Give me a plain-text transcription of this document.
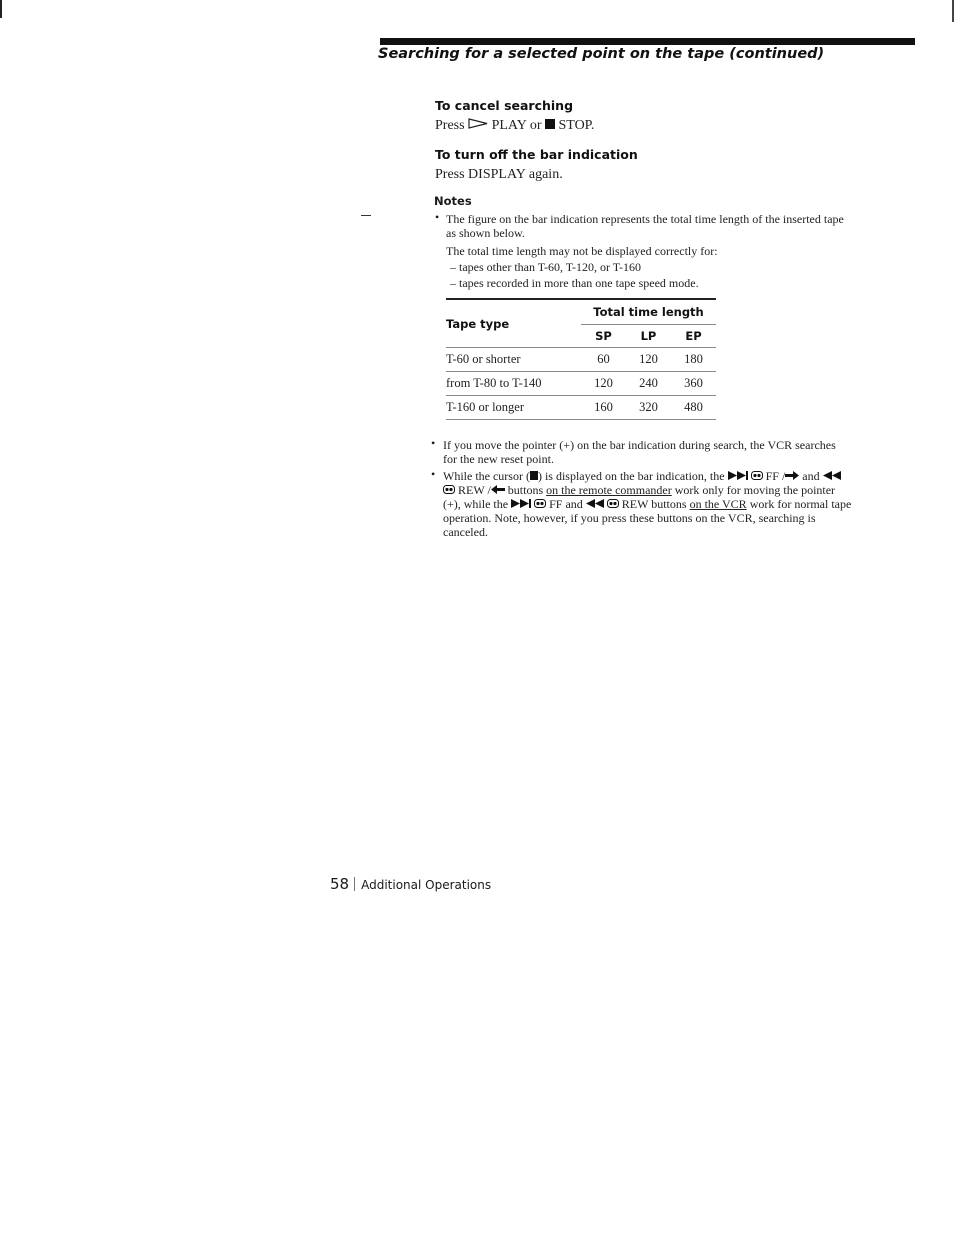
Searching for a selected point on the tape (continued)
To cancel searching

Press PLAY or STOP.

To turn off the bar indication

Press DISPLAY again.

Notes
• The figure on the bar indication represents the total time length of the inserted tape

as shown below.

The total time length may not be displayed correctly for:

– tapes other than T-60, T-120, or T-160

– tapes recorded in more than one tape speed mode.

Tape type	Total time length		
	SP	LP	EP
T-60 or shorter	60	120	180
from T-80 to T-140	120	240	360
T-160 or longer	160	320	480
• If you move the pointer (+) on the bar indication during search, the VCR searches

for the new reset point.

• While the cursor ( ) is displayed on the bar indication, the	FF / and

REW / buttons on the remote commander work only for moving the pointer

(+), while the	FF and	REW buttons on the VCR work for normal tape

operation. Note, however, if you press these buttons on the VCR, searching is

canceled.

58 Additional Operations
